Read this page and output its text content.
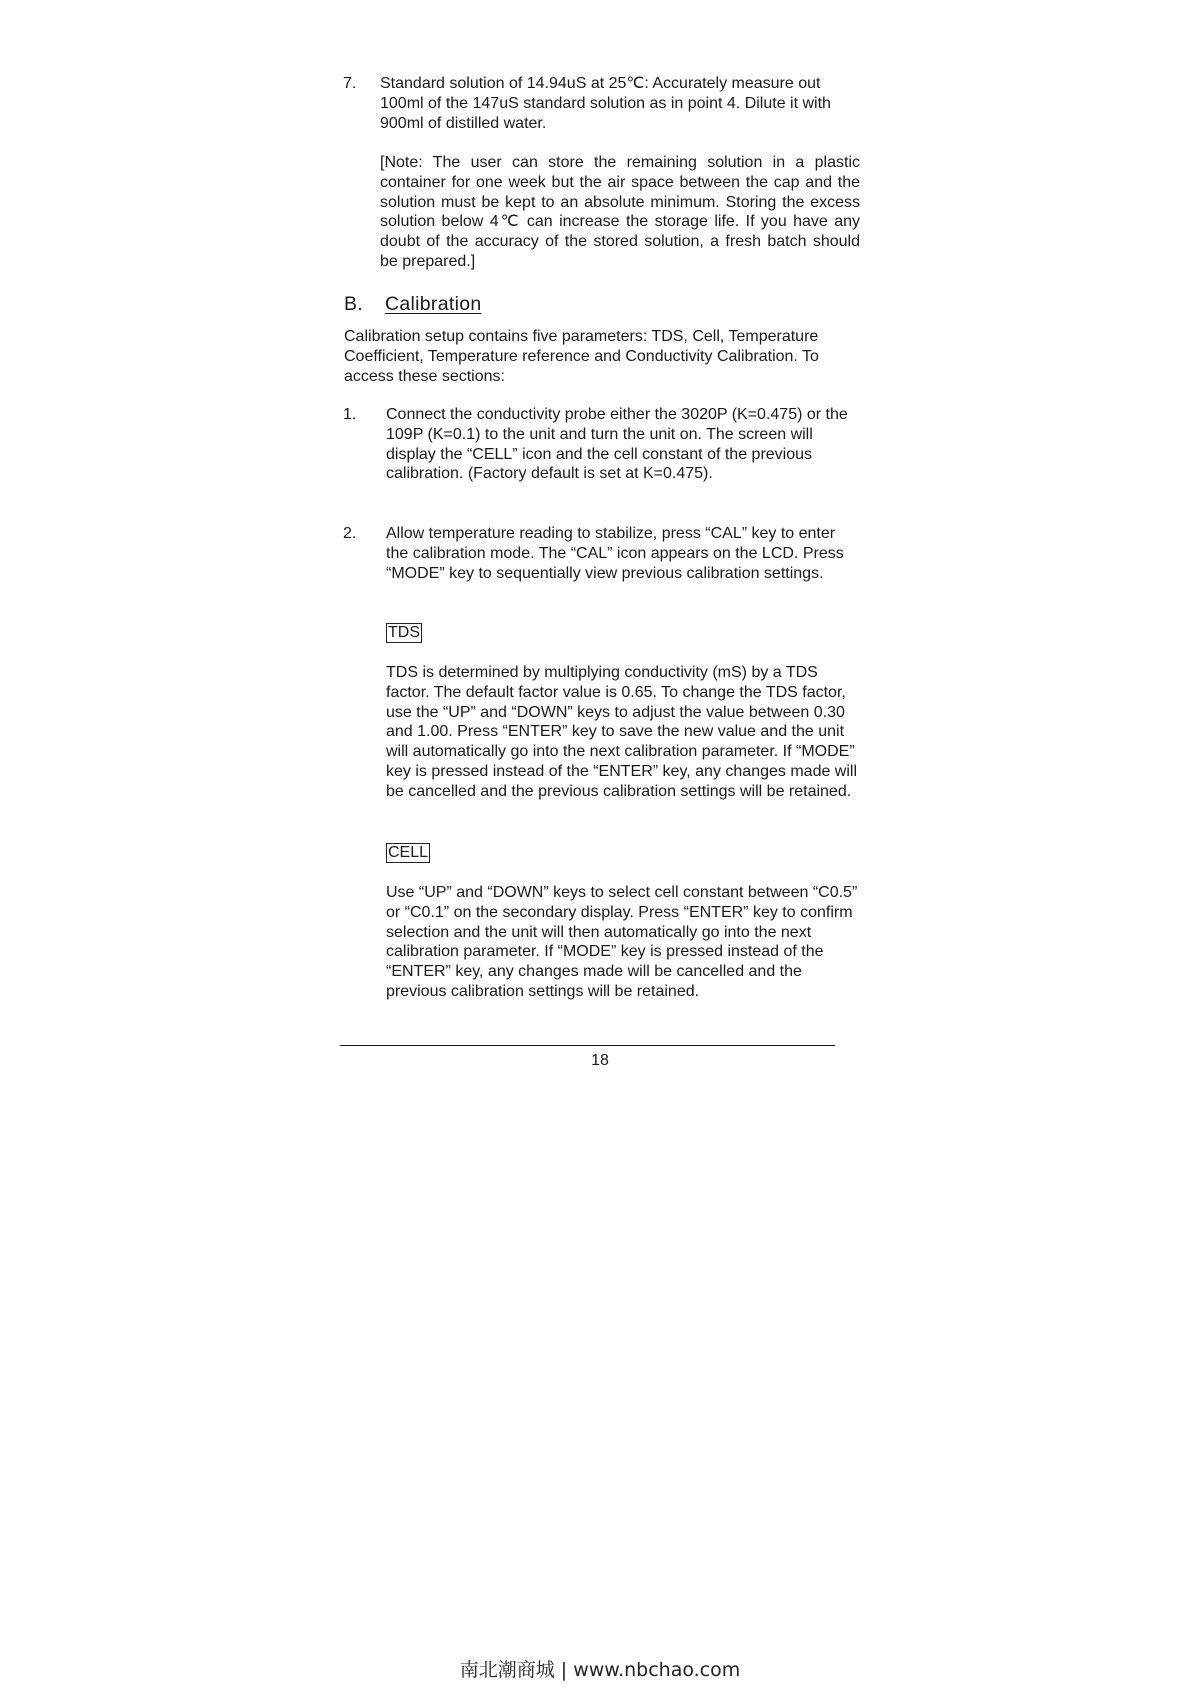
7. Standard solution of 14.94uS at 25℃: Accurately measure out 100ml of the 147uS standard solution as in point 4. Dilute it with 900ml of distilled water.

[Note: The user can store the remaining solution in a plastic container for one week but the air space between the cap and the solution must be kept to an absolute minimum. Storing the excess solution below 4℃ can increase the storage life. If you have any doubt of the accuracy of the stored solution, a fresh batch should be prepared.]

B. Calibration

Calibration setup contains five parameters: TDS, Cell, Temperature Coefficient, Temperature reference and Conductivity Calibration. To access these sections:

1. Connect the conductivity probe either the 3020P (K=0.475) or the 109P (K=0.1) to the unit and turn the unit on. The screen will display the “CELL” icon and the cell constant of the previous calibration. (Factory default is set at K=0.475).

2. Allow temperature reading to stabilize, press “CAL” key to enter the calibration mode. The “CAL” icon appears on the LCD. Press “MODE” key to sequentially view previous calibration settings.

TDS

TDS is determined by multiplying conductivity (mS) by a TDS factor. The default factor value is 0.65. To change the TDS factor, use the “UP” and “DOWN” keys to adjust the value between 0.30 and 1.00. Press “ENTER” key to save the new value and the unit will automatically go into the next calibration parameter. If “MODE” key is pressed instead of the “ENTER” key, any changes made will be cancelled and the previous calibration settings will be retained.

CELL

Use “UP” and “DOWN” keys to select cell constant between “C0.5” or “C0.1” on the secondary display. Press “ENTER” key to confirm selection and the unit will then automatically go into the next calibration parameter. If “MODE” key is pressed instead of the “ENTER” key, any changes made will be cancelled and the previous calibration settings will be retained.

18
南北潮商城 | www.nbchao.com
